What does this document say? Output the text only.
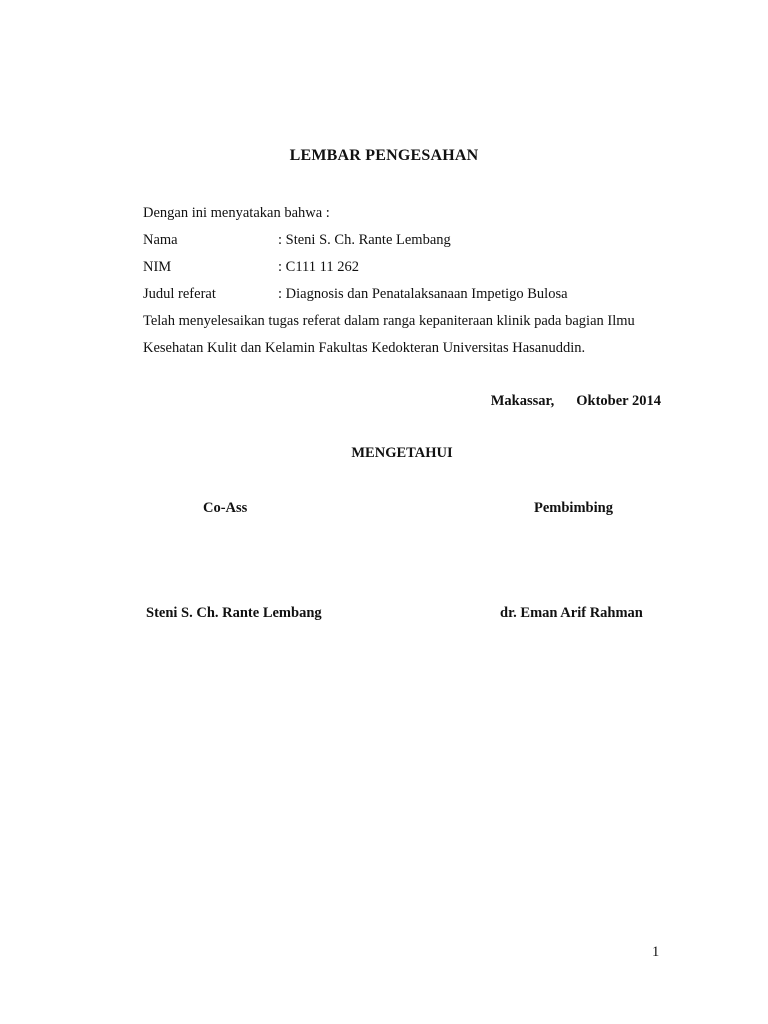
LEMBAR PENGESAHAN
Dengan ini menyatakan bahwa :
Nama	: Steni S. Ch. Rante Lembang
NIM	: C111 11 262
Judul referat	: Diagnosis dan Penatalaksanaan Impetigo Bulosa
Telah menyelesaikan tugas referat dalam ranga kepaniteraan klinik pada bagian Ilmu
Kesehatan Kulit dan Kelamin Fakultas Kedokteran Universitas Hasanuddin.
Makassar, Oktober 2014
MENGETAHUI
Co-Ass	Pembimbing
Steni S. Ch. Rante Lembang	dr. Eman Arif Rahman
1
